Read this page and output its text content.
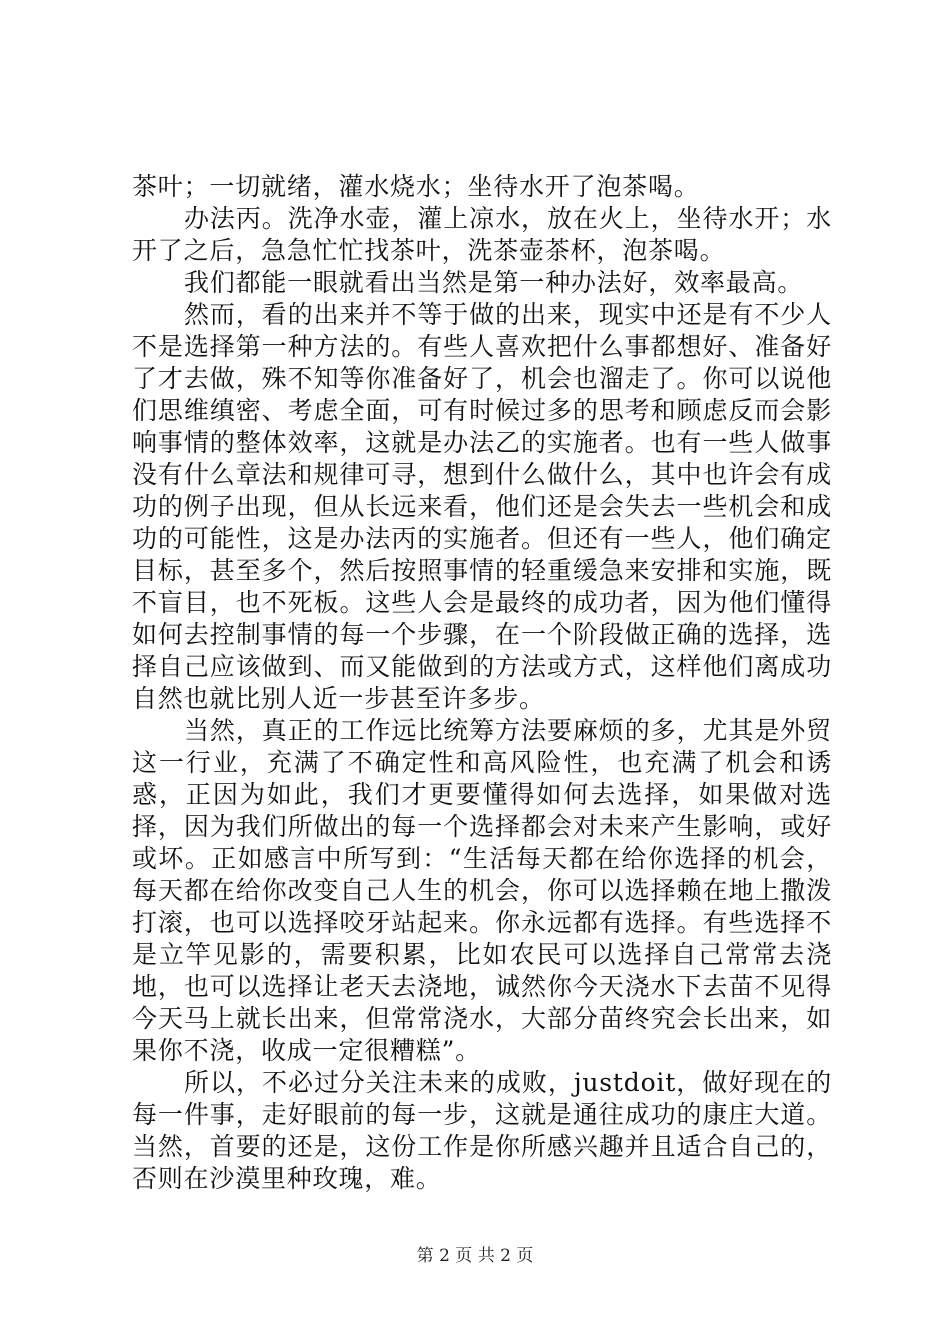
茶叶；一切就绪，灌水烧水；坐待水开了泡茶喝。

办法丙。洗净水壶，灌上凉水，放在火上，坐待水开；水开了之后，急急忙忙找茶叶，洗茶壶茶杯，泡茶喝。

我们都能一眼就看出当然是第一种办法好，效率最高。

然而，看的出来并不等于做的出来，现实中还是有不少人不是选择第一种方法的。有些人喜欢把什么事都想好、准备好了才去做，殊不知等你准备好了，机会也溜走了。你可以说他们思维缜密、考虑全面，可有时候过多的思考和顾虑反而会影响事情的整体效率，这就是办法乙的实施者。也有一些人做事没有什么章法和规律可寻，想到什么做什么，其中也许会有成功的例子出现，但从长远来看，他们还是会失去一些机会和成功的可能性，这是办法丙的实施者。但还有一些人，他们确定目标，甚至多个，然后按照事情的轻重缓急来安排和实施，既不盲目，也不死板。这些人会是最终的成功者，因为他们懂得如何去控制事情的每一个步骤，在一个阶段做正确的选择，选择自己应该做到、而又能做到的方法或方式，这样他们离成功自然也就比别人近一步甚至许多步。

当然，真正的工作远比统筹方法要麻烦的多，尤其是外贸这一行业，充满了不确定性和高风险性，也充满了机会和诱惑，正因为如此，我们才更要懂得如何去选择，如果做对选择，因为我们所做出的每一个选择都会对未来产生影响，或好或坏。正如感言中所写到：“生活每天都在给你选择的机会，每天都在给你改变自己人生的机会，你可以选择赖在地上撒泼打滚，也可以选择咬牙站起来。你永远都有选择。有些选择不是立竿见影的，需要积累，比如农民可以选择自己常常去浇地，也可以选择让老天去浇地，诚然你今天浇水下去苗不见得今天马上就长出来，但常常浇水，大部分苗终究会长出来，如果你不浇，收成一定很糟糕”。

所以，不必过分关注未来的成败，justdoit，做好现在的每一件事，走好眼前的每一步，这就是通往成功的康庄大道。当然，首要的还是，这份工作是你所感兴趣并且适合自己的，否则在沙漠里种玫瑰，难。

第 2 页 共 2 页
